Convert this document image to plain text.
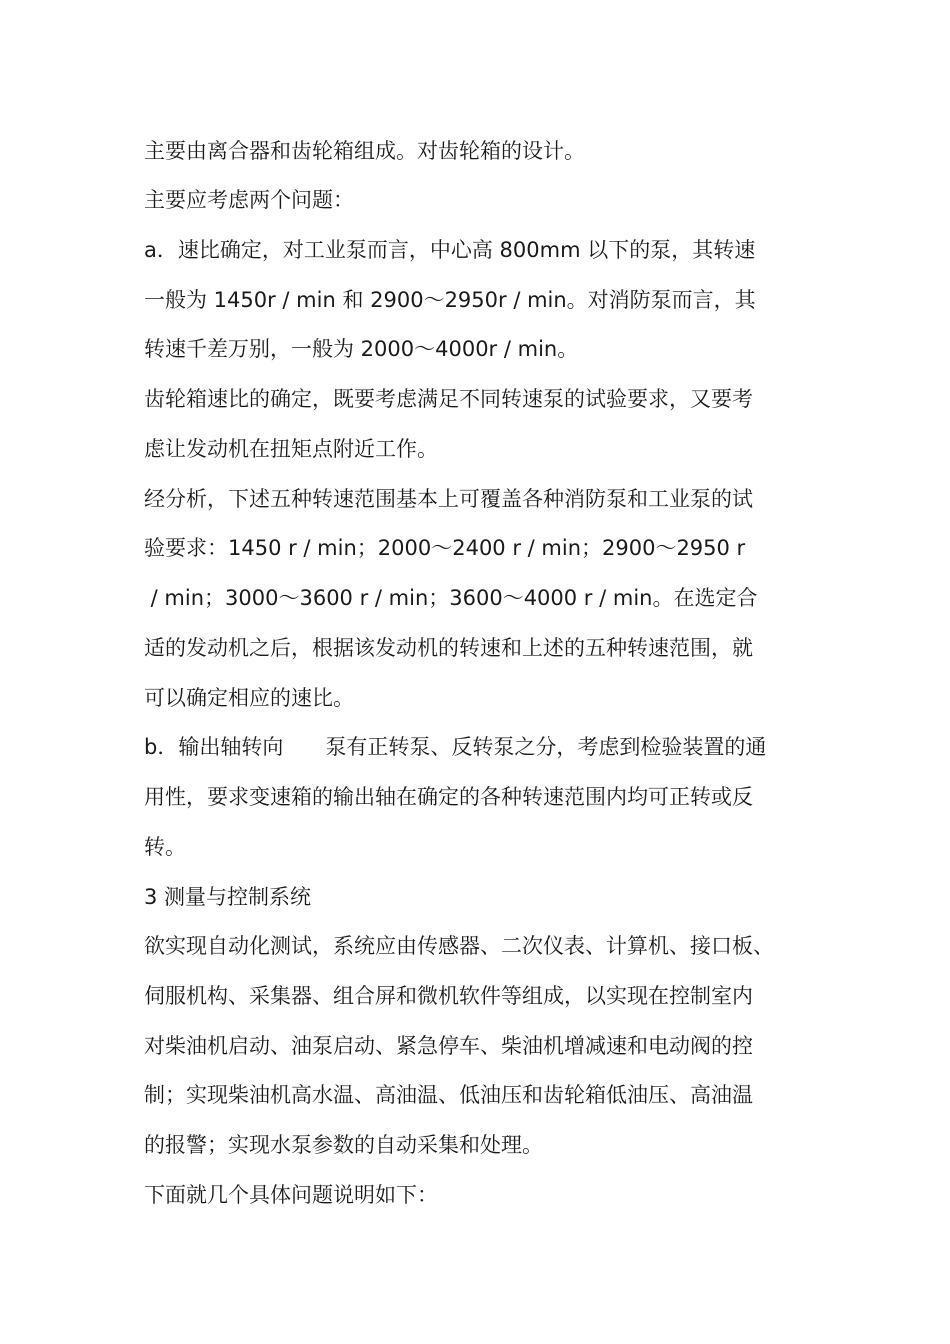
主要由离合器和齿轮箱组成。对齿轮箱的设计。
主要应考虑两个问题：
a．速比确定，对工业泵而言，中心高 800mm 以下的泵，其转速
一般为 1450r / min 和 2900～2950r / min。对消防泵而言，其
转速千差万别，一般为 2000～4000r / min。
齿轮箱速比的确定，既要考虑满足不同转速泵的试验要求，又要考
虑让发动机在扭矩点附近工作。
经分析，下述五种转速范围基本上可覆盖各种消防泵和工业泵的试
验要求：1450 r / min；2000～2400 r / min；2900～2950 r
/ min；3000～3600 r / min；3600～4000 r / min。在选定合
适的发动机之后，根据该发动机的转速和上述的五种转速范围，就
可以确定相应的速比。
b．输出轴转向　　泵有正转泵、反转泵之分，考虑到检验装置的通
用性，要求变速箱的输出轴在确定的各种转速范围内均可正转或反
转。
3 测量与控制系统
欲实现自动化测试，系统应由传感器、二次仪表、计算机、接口板、
伺服机构、采集器、组合屏和微机软件等组成，以实现在控制室内
对柴油机启动、油泵启动、紧急停车、柴油机增减速和电动阀的控
制；实现柴油机高水温、高油温、低油压和齿轮箱低油压、高油温
的报警；实现水泵参数的自动采集和处理。
下面就几个具体问题说明如下：
